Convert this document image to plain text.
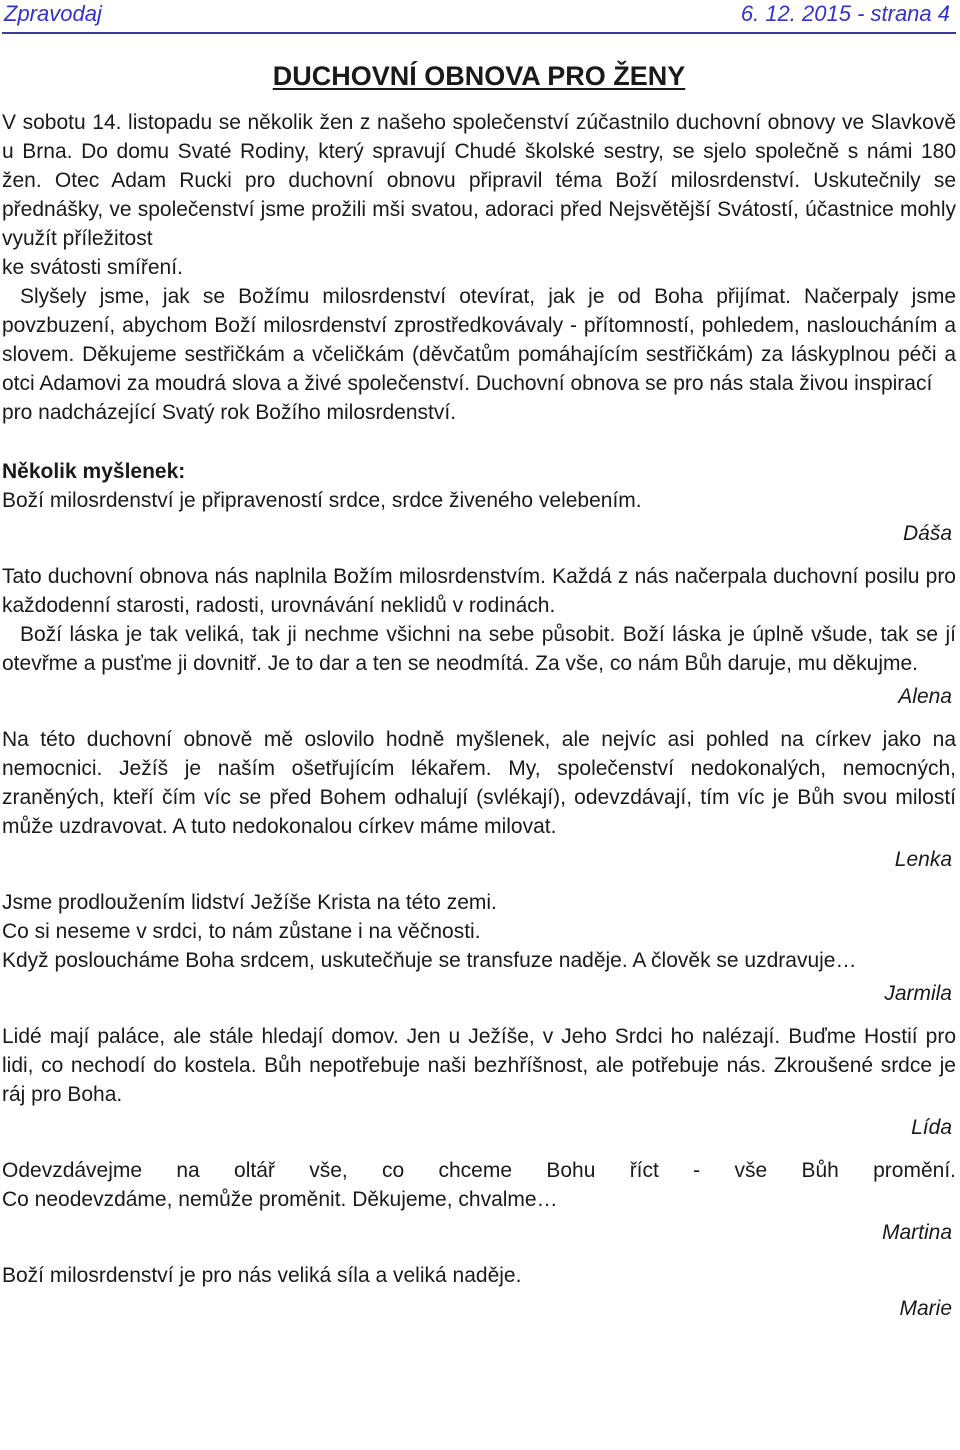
Zpravodaj	6. 12. 2015 - strana 4
DUCHOVNÍ OBNOVA PRO ŽENY

V sobotu 14. listopadu se několik žen z našeho společenství zúčastnilo duchovní obnovy ve Slavkově u Brna. Do domu Svaté Rodiny, který spravují Chudé školské sestry, se sjelo společně s námi 180 žen. Otec Adam Rucki pro duchovní obnovu připravil téma Boží milosrdenství. Uskutečnily se přednášky, ve společenství jsme prožili mši svatou, adoraci před Nejsvětější Svátostí, účastnice mohly využít příležitost

ke svátosti smíření.

Slyšely jsme, jak se Božímu milosrdenství otevírat, jak je od Boha přijímat. Načerpaly jsme povzbuzení, abychom Boží milosrdenství zprostředkovávaly - přítomností, pohledem, nasloucháním a slovem. Děkujeme sestřičkám a včeličkám (děvčatům pomáhajícím sestřičkám) za láskyplnou péči a otci Adamovi za moudrá slova a živé společenství. Duchovní obnova se pro nás stala živou inspirací

pro nadcházející Svatý rok Božího milosrdenství.

Několik myšlenek:

Boží milosrdenství je připraveností srdce, srdce živeného velebením.

Dáša

Tato duchovní obnova nás naplnila Božím milosrdenstvím. Každá z nás načerpala duchovní posilu pro každodenní starosti, radosti, urovnávání neklidů v rodinách.

Boží láska je tak veliká, tak ji nechme všichni na sebe působit. Boží láska je úplně všude, tak se jí otevřme a pusťme ji dovnitř. Je to dar a ten se neodmítá. Za vše, co nám Bůh daruje, mu děkujme.

Alena

Na této duchovní obnově mě oslovilo hodně myšlenek, ale nejvíc asi pohled na církev jako na nemocnici. Ježíš je naším ošetřujícím lékařem. My, společenství nedokonalých, nemocných, zraněných, kteří čím víc se před Bohem odhalují (svlékají), odevzdávají, tím víc je Bůh svou milostí může uzdravovat. A tuto nedokonalou církev máme milovat.

Lenka

Jsme prodloužením lidství Ježíše Krista na této zemi.

Co si neseme v srdci, to nám zůstane i na věčnosti.

Když posloucháme Boha srdcem, uskutečňuje se transfuze naděje. A člověk se uzdravuje…

Jarmila

Lidé mají paláce, ale stále hledají domov. Jen u Ježíše, v Jeho Srdci ho nalézají. Buďme Hostií pro lidi, co nechodí do kostela. Bůh nepotřebuje naši bezhříšnost, ale potřebuje nás. Zkroušené srdce je ráj pro Boha.

Lída

Odevzdávejme na oltář vše, co chceme Bohu říct - vše Bůh promění.

Co neodevzdáme, nemůže proměnit. Děkujeme, chvalme…

Martina

Boží milosrdenství je pro nás veliká síla a veliká naděje.

Marie
